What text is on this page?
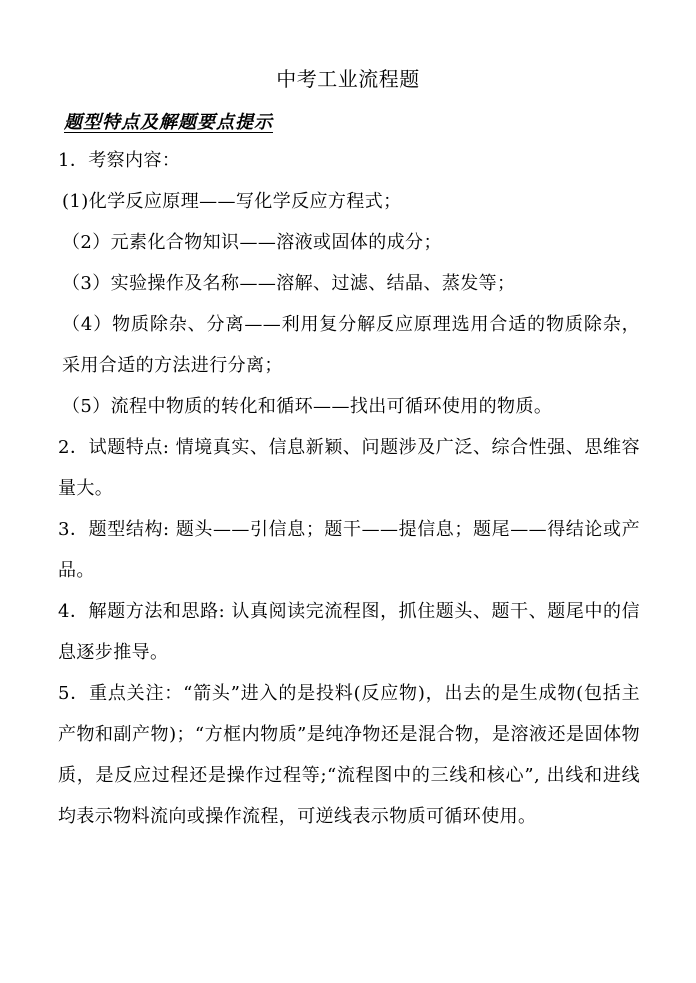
中考工业流程题
题型特点及解题要点提示

1．考察内容：

(1)化学反应原理——写化学反应方程式；

（2）元素化合物知识——溶液或固体的成分；

（3）实验操作及名称——溶解、过滤、结晶、蒸发等；

（4）物质除杂、分离——利用复分解反应原理选用合适的物质除杂，采用合适的方法进行分离；

（5）流程中物质的转化和循环——找出可循环使用的物质。

2．试题特点: 情境真实、信息新颖、问题涉及广泛、综合性强、思维容量大。

3．题型结构: 题头——引信息；题干——提信息；题尾——得结论或产品。

4．解题方法和思路: 认真阅读完流程图，抓住题头、题干、题尾中的信息逐步推导。

5．重点关注：“箭头”进入的是投料(反应物)，出去的是生成物(包括主产物和副产物)；“方框内物质”是纯净物还是混合物，是溶液还是固体物质，是反应过程还是操作过程等;“流程图中的三线和核心”, 出线和进线均表示物料流向或操作流程，可逆线表示物质可循环使用。
